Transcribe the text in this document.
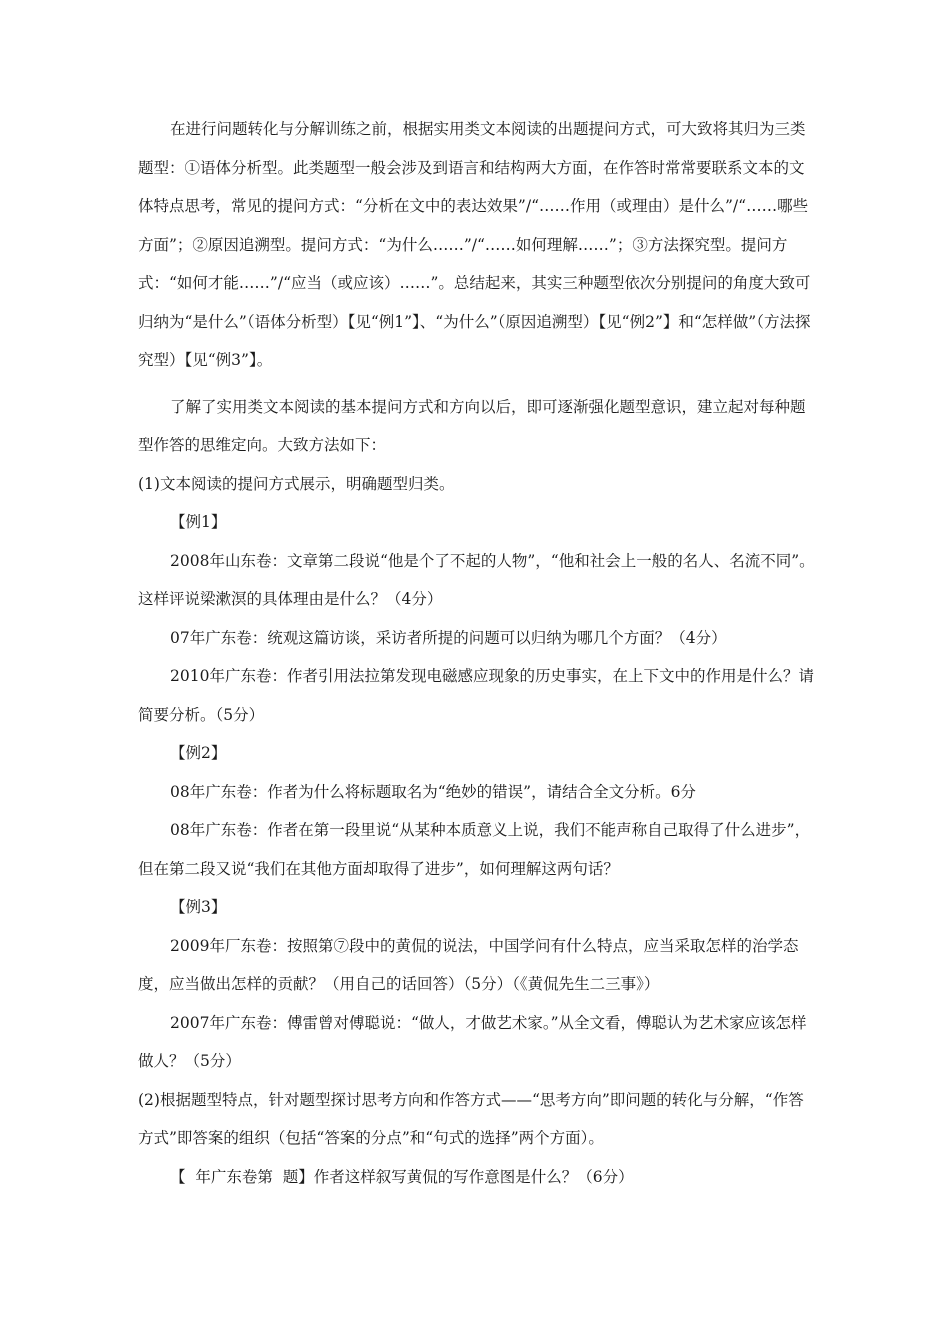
在进行问题转化与分解训练之前，根据实用类文本阅读的出题提问方式，可大致将其归为三类题型：①语体分析型。此类题型一般会涉及到语言和结构两大方面，在作答时常常要联系文本的文体特点思考，常见的提问方式：“分析在文中的表达效果”/“……作用（或理由）是什么”/“……哪些方面”；②原因追溯型。提问方式：“为什么……”/“……如何理解……”；③方法探究型。提问方式：“如何才能……”/“应当（或应该）……”。总结起来，其实三种题型依次分别提问的角度大致可归纳为“是什么”（语体分析型）【见“例1”】、“为什么”（原因追溯型）【见“例2”】和“怎样做”（方法探究型）【见“例3”】。

了解了实用类文本阅读的基本提问方式和方向以后，即可逐渐强化题型意识，建立起对每种题型作答的思维定向。大致方法如下：

(1)文本阅读的提问方式展示，明确题型归类。

【例1】

2008年山东卷：文章第二段说“他是个了不起的人物”，“他和社会上一般的名人、名流不同”。这样评说梁漱溟的具体理由是什么？（4分）

07年广东卷：统观这篇访谈，采访者所提的问题可以归纳为哪几个方面？（4分）

2010年广东卷：作者引用法拉第发现电磁感应现象的历史事实，在上下文中的作用是什么？请简要分析。（5分）

【例2】

08年广东卷：作者为什么将标题取名为“绝妙的错误”，请结合全文分析。6分

08年广东卷：作者在第一段里说“从某种本质意义上说，我们不能声称自己取得了什么进步”，但在第二段又说“我们在其他方面却取得了进步”，如何理解这两句话？

【例3】

2009年厂东卷：按照第⑦段中的黄侃的说法，中国学问有什么特点，应当采取怎样的治学态度，应当做出怎样的贡献？（用自己的话回答）（5分）（《黄侃先生二三事》）

2007年广东卷：傅雷曾对傅聪说：“做人，才做艺术家。”从全文看，傅聪认为艺术家应该怎样做人？（5分）

(2)根据题型特点，针对题型探讨思考方向和作答方式——“思考方向”即问题的转化与分解，“作答方式”即答案的组织（包括“答案的分点”和“句式的选择”两个方面）。

【  年广东卷第  题】作者这样叙写黄侃的写作意图是什么？（6分）
